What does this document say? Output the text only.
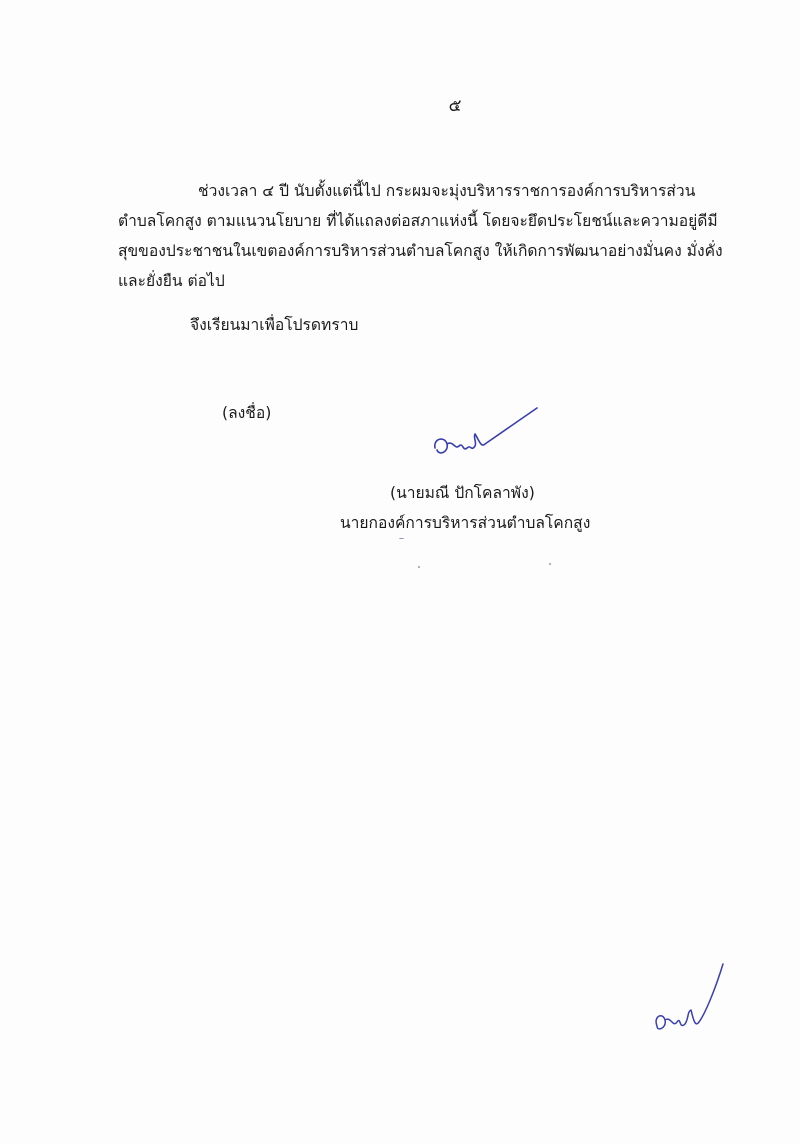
๕
ช่วงเวลา ๔ ปี นับตั้งแต่นี้ไป กระผมจะมุ่งบริหารราชการองค์การบริหารส่วน
ตำบลโคกสูง ตามแนวนโยบาย ที่ได้แถลงต่อสภาแห่งนี้ โดยจะยึดประโยชน์และความอยู่ดีมี
สุขของประชาชนในเขตองค์การบริหารส่วนตำบลโคกสูง ให้เกิดการพัฒนาอย่างมั่นคง มั่งคั่ง
และยั่งยืน ต่อไป
จึงเรียนมาเพื่อโปรดทราบ
(ลงชื่อ)
(นายมณี ปักโคลาพัง)
นายกองค์การบริหารส่วนตำบลโคกสูง
